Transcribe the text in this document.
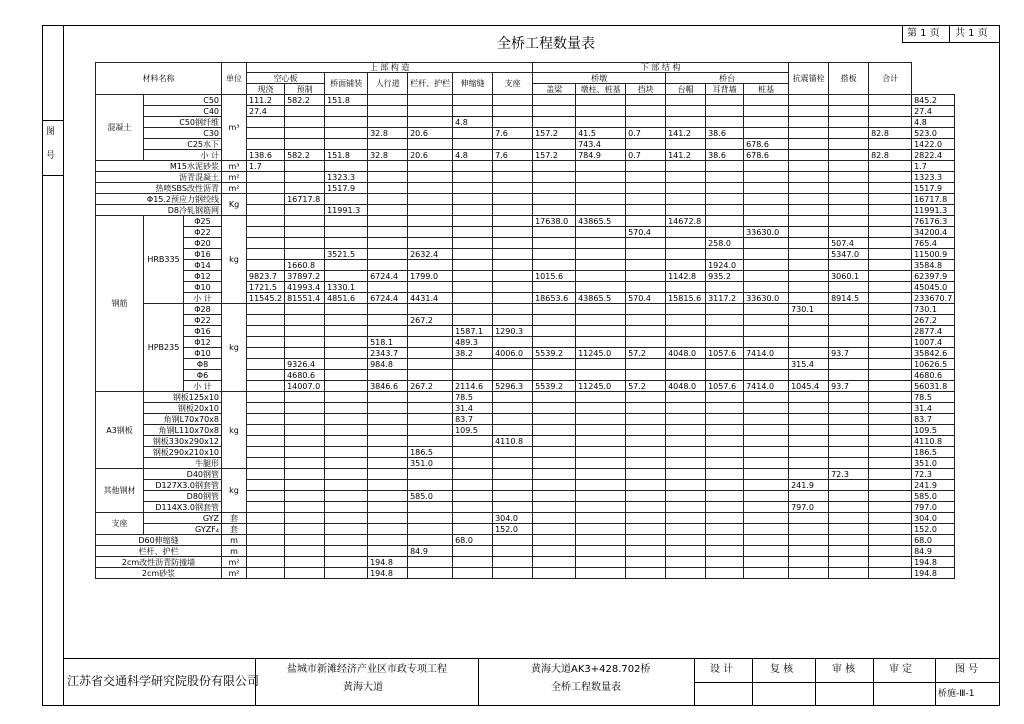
图
号
全桥工程数量表
第 1 页 共 1 页
材料名称			单位	上 部 构 造							下 部 结 构						抗震锚栓	搭板	合计	
				空心板		桥面铺装	人行道	栏杆、护栏	伸缩缝	支座	桥墩			桥台						
				现浇	预制						盖梁	墩柱、桩基	挡块	台帽	耳背墙	桩基				
混凝土	C50		m³	111.2	582.2	151.8														845.2
	C40			27.4																27.4
	C50钢纤维								4.8											4.8
	C30						32.8	20.6		7.6	157.2	41.5	0.7	141.2	38.6				82.8	523.0
	C25水下											743.4				678.6				1422.0
	小 计			138.6	582.2	151.8	32.8	20.6	4.8	7.6	157.2	784.9	0.7	141.2	38.6	678.6			82.8	2822.4
M15水泥砂浆			m³	1.7																1.7
沥青混凝土			m²			1323.3														1323.3
热喷SBS改性沥青			m²			1517.9														1517.9
Φ15.2预应力钢绞线			Kg		16717.8															16717.8
D8冷轧钢筋网						11991.3														11991.3
钢筋	HRB335	Φ25	kg								17638.0	43865.5		14672.8						76176.3
		Φ22											570.4			33630.0				34200.4
		Φ20													258.0			507.4		765.4
		Φ16				3521.5		2632.4										5347.0		11500.9
		Φ14			1660.8										1924.0					3584.8
		Φ12		9823.7	37897.2		6724.4	1799.0			1015.6			1142.8	935.2			3060.1		62397.9
		Φ10		1721.5	41993.4	1330.1														45045.0
		小 计		11545.2	81551.4	4851.6	6724.4	4431.4			18653.6	43865.5	570.4	15815.6	3117.2	33630.0		8914.5		233670.7
	HPB235	Φ28	kg														730.1			730.1
		Φ22						267.2												267.2
		Φ16							1587.1	1290.3										2877.4
		Φ12					518.1		489.3											1007.4
		Φ10					2343.7		38.2	4006.0	5539.2	11245.0	57.2	4048.0	1057.6	7414.0		93.7		35842.6
		Φ8			9326.4		984.8										315.4			10626.5
		Φ6			4680.6															4680.6
		小 计			14007.0		3846.6	267.2	2114.6	5296.3	5539.2	11245.0	57.2	4048.0	1057.6	7414.0	1045.4	93.7		56031.8
A3钢板	钢板125x10		kg						78.5											78.5
	钢板20x10								31.4											31.4
	角钢L70x70x8								83.7											83.7
	角钢L110x70x8								109.5											109.5
	钢板330x290x12									4110.8										4110.8
	钢板290x210x10							186.5												186.5
	牛腿形							351.0												351.0
其他钢材	D40钢管		kg															72.3		72.3
	D127X3.0钢套管																241.9			241.9
	D80钢管							585.0												585.0
	D114X3.0钢套管																797.0			797.0
支座	GYZ		套							304.0										304.0
	GYZF₄		套							152.0										152.0
D60伸缩缝			m						68.0											68.0
栏杆、护栏			m					84.9												84.9
2cm改性沥青防撞墙			m²				194.8													194.8
2cm砂浆			m²				194.8													194.8
江苏省交通科学研究院股份有限公司
盐城市新滩经济产业区市政专项工程
黄海大道
黄海大道AK3+428.702桥
全桥工程数量表
设 计	复 核	审 核	审 定	图 号
桥施-Ⅲ-1
